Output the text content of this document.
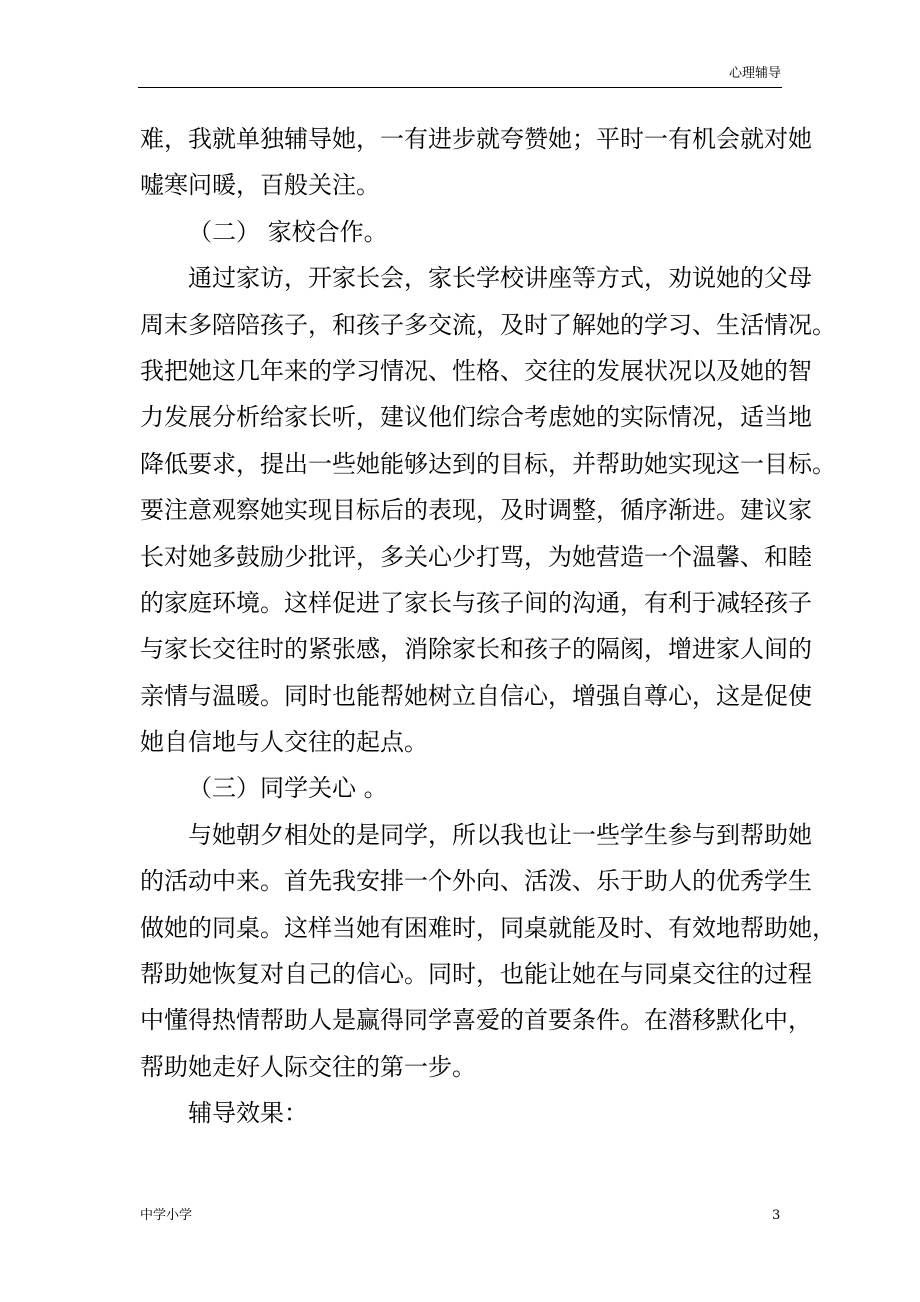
心理辅导
难，我就单独辅导她，一有进步就夸赞她；平时一有机会就对她
嘘寒问暖，百般关注。
（二） 家校合作。
通过家访，开家长会，家长学校讲座等方式，劝说她的父母
周末多陪陪孩子，和孩子多交流，及时了解她的学习、生活情况。
我把她这几年来的学习情况、性格、交往的发展状况以及她的智
力发展分析给家长听，建议他们综合考虑她的实际情况，适当地
降低要求，提出一些她能够达到的目标，并帮助她实现这一目标。
要注意观察她实现目标后的表现，及时调整，循序渐进。建议家
长对她多鼓励少批评，多关心少打骂，为她营造一个温馨、和睦
的家庭环境。这样促进了家长与孩子间的沟通，有利于减轻孩子
与家长交往时的紧张感，消除家长和孩子的隔阂，增进家人间的
亲情与温暖。同时也能帮她树立自信心，增强自尊心，这是促使
她自信地与人交往的起点。
（三）同学关心 。
与她朝夕相处的是同学，所以我也让一些学生参与到帮助她
的活动中来。首先我安排一个外向、活泼、乐于助人的优秀学生
做她的同桌。这样当她有困难时，同桌就能及时、有效地帮助她，
帮助她恢复对自己的信心。同时，也能让她在与同桌交往的过程
中懂得热情帮助人是赢得同学喜爱的首要条件。在潜移默化中，
帮助她走好人际交往的第一步。
辅导效果：
中学小学	3
